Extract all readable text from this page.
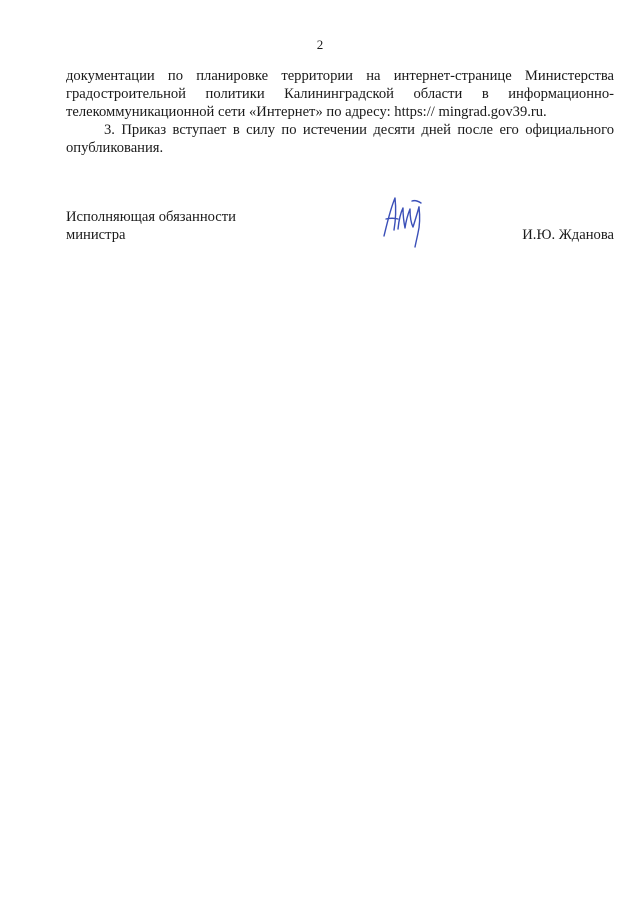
2

документации по планировке территории на интернет-странице Министерства градостроительной политики Калининградской области в информационно-телекоммуникационной сети «Интернет» по адресу: https:// mingrad.gov39.ru.

3. Приказ вступает в силу по истечении десяти дней после его официального опубликования.

Исполняющая обязанности
министра	И.Ю. Жданова
